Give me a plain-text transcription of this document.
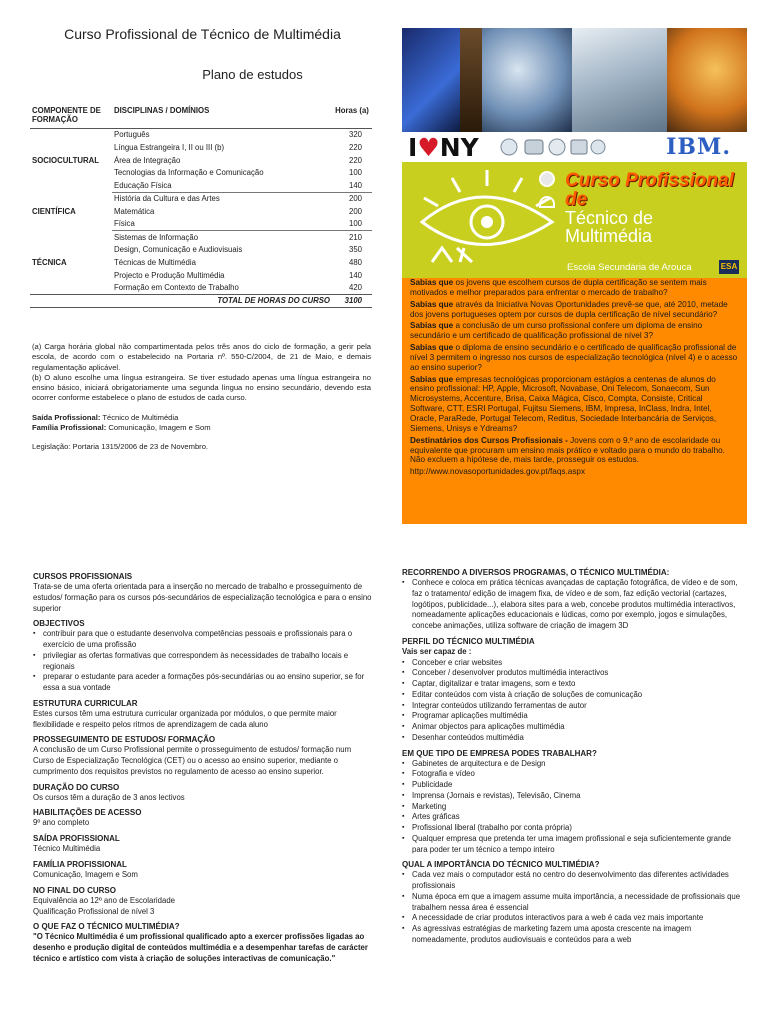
Curso Profissional de Técnico de Multimédia
Plano de estudos
COMPONENTE DE FORMAÇÃO	DISCIPLINAS / DOMÍNIOS	Horas (a)
SOCIOCULTURAL	Português	320
	Língua Estrangeira I, II ou III (b)	220
	Área de Integração	220
	Tecnologias da Informação e Comunicação	100
	Educação Física	140
CIENTÍFICA	História da Cultura e das Artes	200
	Matemática	200
	Física	100
TÉCNICA	Sistemas de Informação	210
	Design, Comunicação e Audiovisuais	350
	Técnicas de Multimédia	480
	Projecto e Produção Multimédia	140
	Formação em Contexto de Trabalho	420
	TOTAL DE HORAS DO CURSO	3100

(a) Carga horária global não compartimentada pelos três anos do ciclo de formação, a gerir pela escola, de acordo com o estabelecido na Portaria nº. 550-C/2004, de 21 de Maio, e demais regulamentação aplicável.

(b) O aluno escolhe uma língua estrangeira. Se tiver estudado apenas uma língua estrangeira no ensino básico, iniciará obrigatoriamente uma segunda língua no ensino secundário, devendo esta ocorrer conforme estabelece o plano de estudos de cada curso.

Saída Profissional: Técnico de Multimédia

Família Profissional: Comunicação, Imagem e Som

Legislação: Portaria 1315/2006 de 23 de Novembro.

I♥NY	IBM.
Curso Profissional de
Técnico de Multimédia
Escola Secundária de Arouca	ESA

Sabias que os jovens que escolhem cursos de dupla certificação se sentem mais motivados e melhor preparados para enfrentar o mercado de trabalho?

Sabias que através da Iniciativa Novas Oportunidades prevê-se que, até 2010, metade dos jovens portugueses optem por cursos de dupla certificação de nível secundário?

Sabias que a conclusão de um curso profissional confere um diploma de ensino secundário e um certificado de qualificação profissional de nível 3?

Sabias que o diploma de ensino secundário e o certificado de qualificação profissional de nível 3 permitem o ingresso nos cursos de especialização tecnológica (nível 4) e o acesso ao ensino superior?

Sabias que empresas tecnológicas proporcionam estágios a centenas de alunos do ensino profissional: HP, Apple, Microsoft, Novabase, Oni Telecom, Sonaecom, Sun Microsystems, Accenture, Brisa, Caixa Mágica, Cisco, Compta, Consiste, Critical Software, CTT, ESRI Portugal, Fujitsu Siemens, IBM, Impresa, InClass, Indra, Intel, Oracle, ParaRede, Portugal Telecom, Reditus, Sociedade Interbancária de Serviços, Siemens, Unisys e Ydreams?

Destinatários dos Cursos Profissionais - Jovens com o 9.º ano de escolaridade ou equivalente que procuram um ensino mais prático e voltado para o mundo do trabalho. Não excluem a hipótese de, mais tarde, prosseguir os estudos.

http://www.novasoportunidades.gov.pt/faqs.aspx

CURSOS PROFISSIONAIS

Trata-se de uma oferta orientada para a inserção no mercado de trabalho e prosseguimento de estudos/ formação para os cursos pós-secundários de especialização tecnológica e para o ensino superior

OBJECTIVOS
▪ contribuir para que o estudante desenvolva competências pessoais e profissionais para o exercício de uma profissão
▪ privilegiar as ofertas formativas que correspondem às necessidades de trabalho locais e regionais
▪ preparar o estudante para aceder a formações pós-secundárias ou ao ensino superior, se for essa a sua vontade
ESTRUTURA CURRICULAR

Estes cursos têm uma estrutura curricular organizada por módulos, o que permite maior flexibilidade e respeito pelos ritmos de aprendizagem de cada aluno

PROSSEGUIMENTO DE ESTUDOS/ FORMAÇÃO

A conclusão de um Curso Profissional permite o prosseguimento de estudos/ formação num Curso de Especialização Tecnológica (CET) ou o acesso ao ensino superior, mediante o cumprimento dos requisitos previstos no regulamento de acesso ao ensino superior.

DURAÇÃO DO CURSO

Os cursos têm a duração de 3 anos lectivos

HABILITAÇÕES DE ACESSO

9º ano completo

SAÍDA PROFISSIONAL

Técnico Multimédia

FAMÍLIA PROFISSIONAL

Comunicação, Imagem e Som

NO FINAL DO CURSO

Equivalência ao 12º ano de Escolaridade

Qualificação Profissional de nível 3

O QUE FAZ O TÉCNICO MULTIMÉDIA?

"O Técnico Multimédia é um profissional qualificado apto a exercer profissões ligadas ao desenho e produção digital de conteúdos multimédia e a desempenhar tarefas de carácter técnico e artístico com vista à criação de soluções interactivas de comunicação."

RECORRENDO A DIVERSOS PROGRAMAS, O TÉCNICO MULTIMÉDIA:
▪ Conhece e coloca em prática técnicas avançadas de captação fotográfica, de vídeo e de som, faz o tratamento/ edição de imagem fixa, de vídeo e de som, faz edição vectorial (cartazes, logótipos, publicidade...), elabora sites para a web, concebe produtos multimédia interactivos, nomeadamente aplicações educacionais e lúdicas, como por exemplo, jogos e simulações, concebe animações, utiliza software de criação de imagem 3D
PERFIL DO TÉCNICO MULTIMÉDIA

Vais ser capaz de :

▪ Conceber e criar websites
▪ Conceber / desenvolver produtos multimédia interactivos
▪ Captar, digitalizar e tratar imagens, som e texto
▪ Editar conteúdos com vista à criação de soluções de comunicação
▪ Integrar conteúdos utilizando ferramentas de autor
▪ Programar aplicações multimédia
▪ Animar objectos para aplicações multimédia
▪ Desenhar conteúdos multimédia
EM QUE TIPO DE EMPRESA PODES TRABALHAR?
▪ Gabinetes de arquitectura e de Design
▪ Fotografia e vídeo
▪ Publicidade
▪ Imprensa (Jornais e revistas), Televisão, Cinema
▪ Marketing
▪ Artes gráficas
▪ Profissional liberal (trabalho por conta própria)
▪ Qualquer empresa que pretenda ter uma imagem profissional e seja suficientemente grande para poder ter um técnico a tempo inteiro
QUAL A IMPORTÂNCIA DO TÉCNICO MULTIMÉDIA?
▪ Cada vez mais o computador está no centro do desenvolvimento das diferentes actividades profissionais
▪ Numa época em que a imagem assume muita importância, a necessidade de profissionais que trabalhem nessa área é essencial
▪ A necessidade de criar produtos interactivos para a web é cada vez mais importante
▪ As agressivas estratégias de marketing fazem uma aposta crescente na imagem nomeadamente, produtos audiovisuais e conteúdos para a web
